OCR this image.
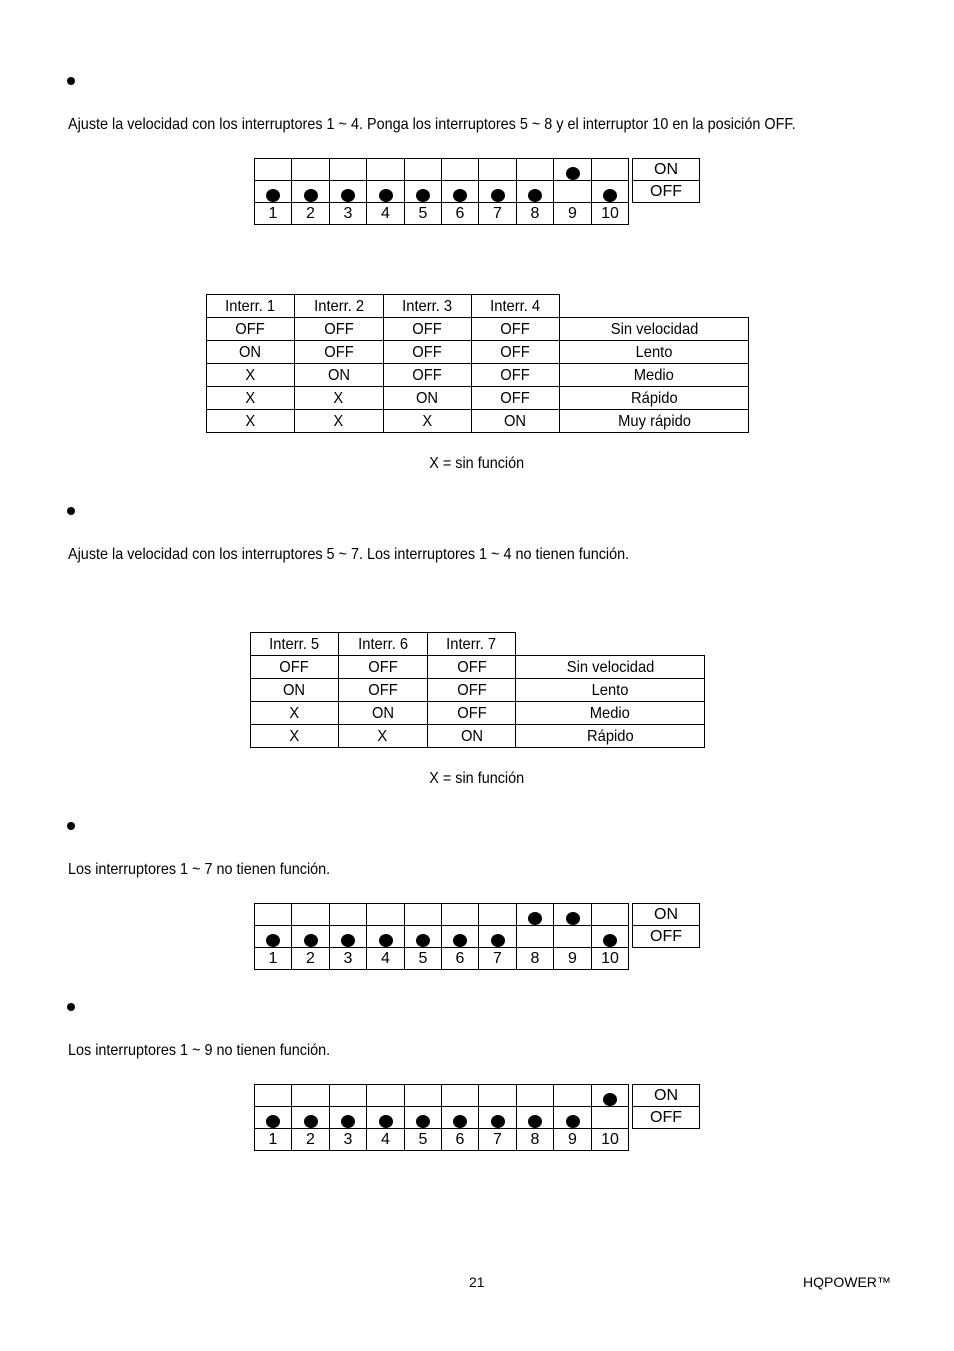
Ajuste la velocidad con los interruptores 1 ~ 4. Ponga los interruptores 5 ~ 8 y el interruptor 10 en la posición OFF.
1	2	3	4	5	6	7	8	9	10
ON
OFF
Interr. 1	Interr. 2	Interr. 3	Interr. 4	
OFF	OFF	OFF	OFF	Sin velocidad
ON	OFF	OFF	OFF	Lento
X	ON	OFF	OFF	Medio
X	X	ON	OFF	Rápido
X	X	X	ON	Muy rápido
X = sin función
Ajuste la velocidad con los interruptores 5 ~ 7. Los interruptores 1 ~ 4 no tienen función.
Interr. 5	Interr. 6	Interr. 7	
OFF	OFF	OFF	Sin velocidad
ON	OFF	OFF	Lento
X	ON	OFF	Medio
X	X	ON	Rápido
X = sin función
Los interruptores 1 ~ 7 no tienen función.
1	2	3	4	5	6	7	8	9	10
ON
OFF
Los interruptores 1 ~ 9 no tienen función.
1	2	3	4	5	6	7	8	9	10
ON
OFF
21	HQPOWER™
